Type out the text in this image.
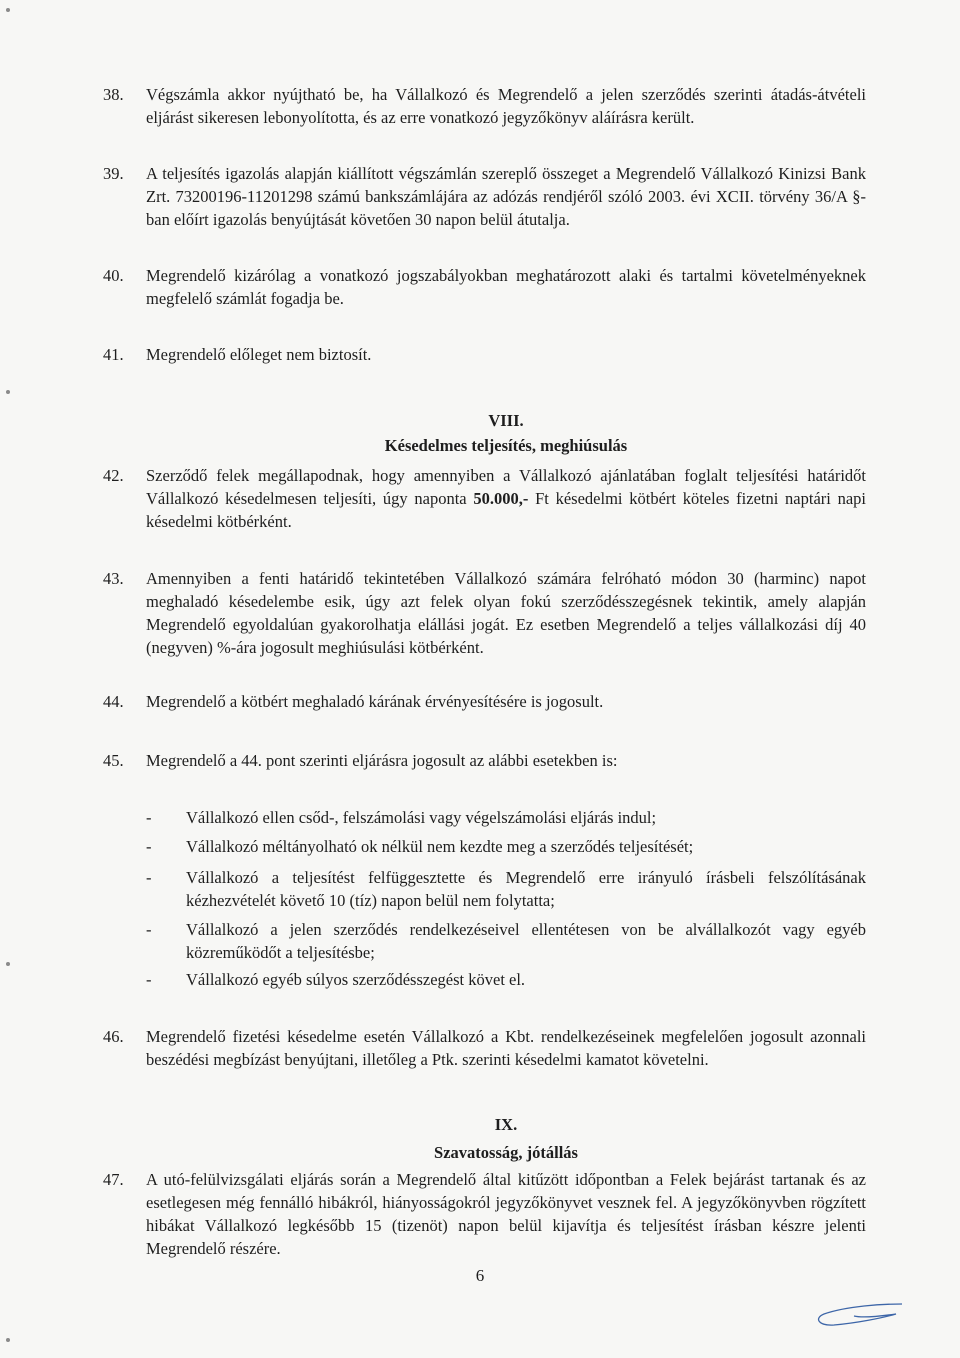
38. Végszámla akkor nyújtható be, ha Vállalkozó és Megrendelő a jelen szerződés szerinti átadás-átvételi eljárást sikeresen lebonyolította, és az erre vonatkozó jegyzőkönyv aláírásra került.
39. A teljesítés igazolás alapján kiállított végszámlán szereplő összeget a Megrendelő Vállalkozó Kinizsi Bank Zrt. 73200196-11201298 számú bankszámlájára az adózás rendjéről szóló 2003. évi XCII. törvény 36/A §-ban előírt igazolás benyújtását követően 30 napon belül átutalja.
40. Megrendelő kizárólag a vonatkozó jogszabályokban meghatározott alaki és tartalmi követelményeknek megfelelő számlát fogadja be.
41. Megrendelő előleget nem biztosít.
VIII.
Késedelmes teljesítés, meghiúsulás
42. Szerződő felek megállapodnak, hogy amennyiben a Vállalkozó ajánlatában foglalt teljesítési határidőt Vállalkozó késedelmesen teljesíti, úgy naponta 50.000,- Ft késedelmi kötbért köteles fizetni naptári napi késedelmi kötbérként.
43. Amennyiben a fenti határidő tekintetében Vállalkozó számára felróható módon 30 (harminc) napot meghaladó késedelembe esik, úgy azt felek olyan fokú szerződésszegésnek tekintik, amely alapján Megrendelő egyoldalúan gyakorolhatja elállási jogát. Ez esetben Megrendelő a teljes vállalkozási díj 40 (negyven) %-ára jogosult meghiúsulási kötbérként.
44. Megrendelő a kötbért meghaladó kárának érvényesítésére is jogosult.
45. Megrendelő a 44. pont szerinti eljárásra jogosult az alábbi esetekben is:
- Vállalkozó ellen csőd-, felszámolási vagy végelszámolási eljárás indul;
- Vállalkozó méltányolható ok nélkül nem kezdte meg a szerződés teljesítését;
- Vállalkozó a teljesítést felfüggesztette és Megrendelő erre irányuló írásbeli felszólításának kézhezvételét követő 10 (tíz) napon belül nem folytatta;
- Vállalkozó a jelen szerződés rendelkezéseivel ellentétesen von be alvállalkozót vagy egyéb közreműködőt a teljesítésbe;
- Vállalkozó egyéb súlyos szerződésszegést követ el.
46. Megrendelő fizetési késedelme esetén Vállalkozó a Kbt. rendelkezéseinek megfelelően jogosult azonnali beszédési megbízást benyújtani, illetőleg a Ptk. szerinti késedelmi kamatot követelni.
IX.
Szavatosság, jótállás
47. A utó-felülvizsgálati eljárás során a Megrendelő által kitűzött időpontban a Felek bejárást tartanak és az esetlegesen még fennálló hibákról, hiányosságokról jegyzőkönyvet vesznek fel. A jegyzőkönyvben rögzített hibákat Vállalkozó legkésőbb 15 (tizenöt) napon belül kijavítja és teljesítést írásban készre jelenti Megrendelő részére.
6
